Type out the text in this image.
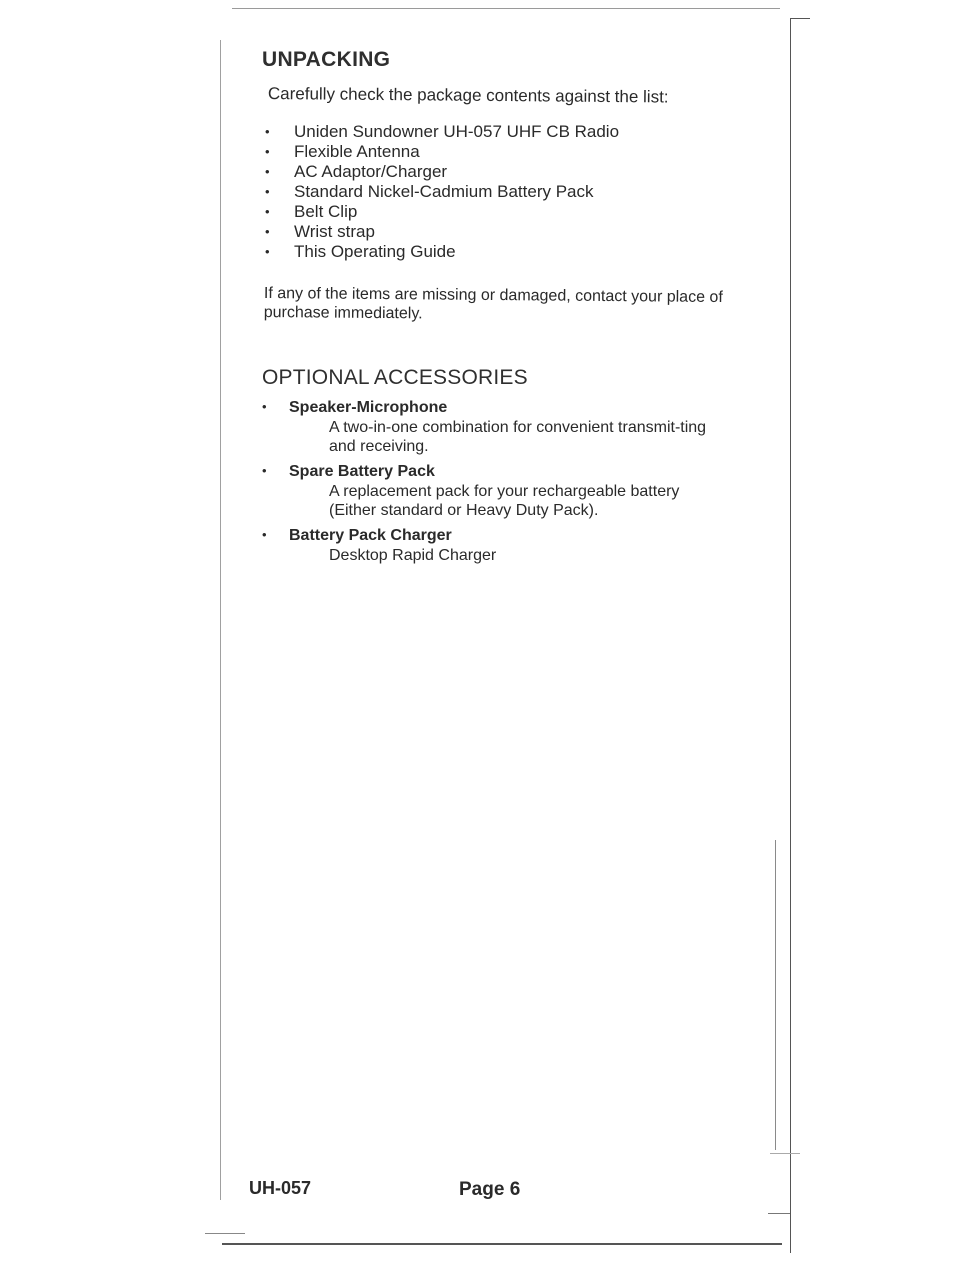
UNPACKING

Carefully check the package contents against the list:

• Uniden Sundowner UH-057 UHF CB Radio
• Flexible Antenna
• AC Adaptor/Charger
• Standard Nickel-Cadmium Battery Pack
• Belt Clip
• Wrist strap
• This Operating Guide

If any of the items are missing or damaged, contact your place of purchase immediately.

OPTIONAL ACCESSORIES
• Speaker-Microphone
A two-in-one combination for convenient transmit-ting and receiving.
• Spare Battery Pack
A replacement pack for your rechargeable battery (Either standard or Heavy Duty Pack).
• Battery Pack Charger
Desktop Rapid Charger
UH-057	Page 6
